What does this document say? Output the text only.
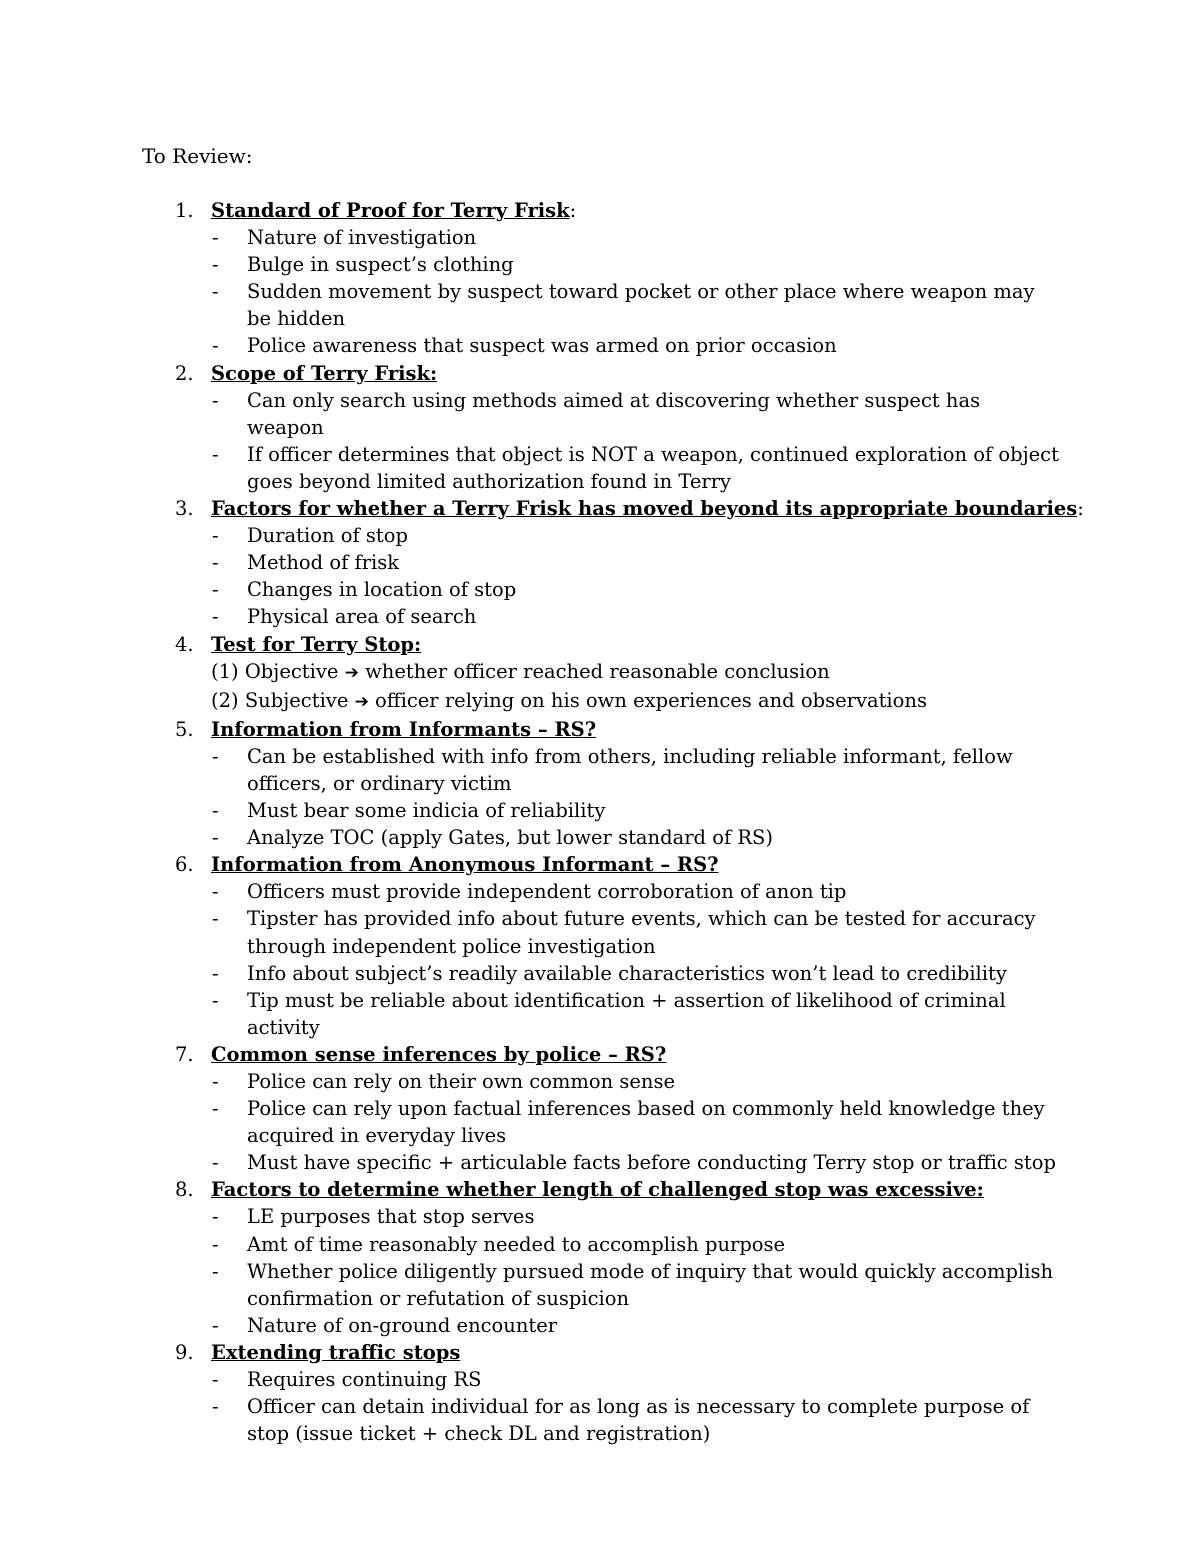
To Review:
1. Standard of Proof for Terry Frisk:
- Nature of investigation
- Bulge in suspect’s clothing
- Sudden movement by suspect toward pocket or other place where weapon may be hidden
- Police awareness that suspect was armed on prior occasion
2. Scope of Terry Frisk:
- Can only search using methods aimed at discovering whether suspect has weapon
- If officer determines that object is NOT a weapon, continued exploration of object goes beyond limited authorization found in Terry
3. Factors for whether a Terry Frisk has moved beyond its appropriate boundaries:
- Duration of stop
- Method of frisk
- Changes in location of stop
- Physical area of search
4. Test for Terry Stop:
(1) Objective ➔ whether officer reached reasonable conclusion
(2) Subjective ➔ officer relying on his own experiences and observations
5. Information from Informants – RS?
- Can be established with info from others, including reliable informant, fellow officers, or ordinary victim
- Must bear some indicia of reliability
- Analyze TOC (apply Gates, but lower standard of RS)
6. Information from Anonymous Informant – RS?
- Officers must provide independent corroboration of anon tip
- Tipster has provided info about future events, which can be tested for accuracy through independent police investigation
- Info about subject’s readily available characteristics won’t lead to credibility
- Tip must be reliable about identification + assertion of likelihood of criminal activity
7. Common sense inferences by police – RS?
- Police can rely on their own common sense
- Police can rely upon factual inferences based on commonly held knowledge they acquired in everyday lives
- Must have specific + articulable facts before conducting Terry stop or traffic stop
8. Factors to determine whether length of challenged stop was excessive:
- LE purposes that stop serves
- Amt of time reasonably needed to accomplish purpose
- Whether police diligently pursued mode of inquiry that would quickly accomplish confirmation or refutation of suspicion
- Nature of on-ground encounter
9. Extending traffic stops
- Requires continuing RS
- Officer can detain individual for as long as is necessary to complete purpose of stop (issue ticket + check DL and registration)
